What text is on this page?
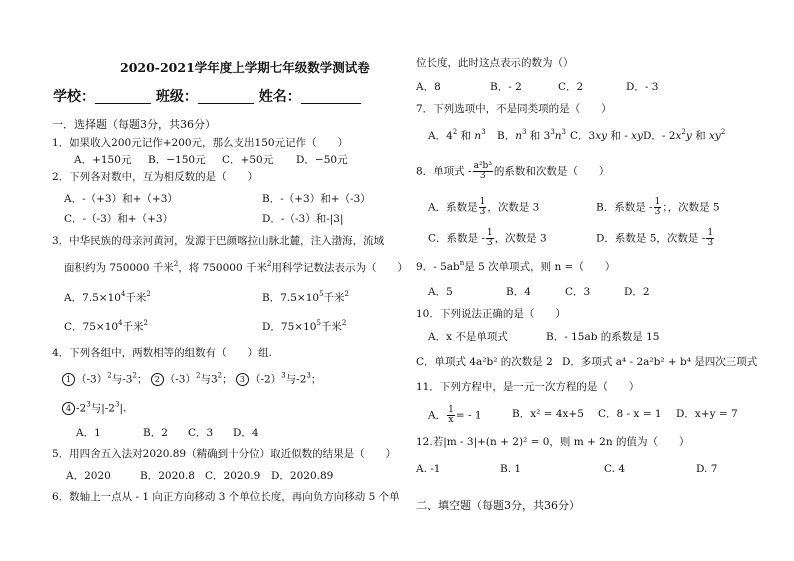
2020-2021学年度上学期七年级数学测试卷
学校：	班级：	姓名：
一．选择题（每题3分，共36分）
1．如果收入200元记作+200元，那么支出150元记作（　　）
A．+150元 B．−150元 C．+50元 D．−50元
2．下列各对数中，互为相反数的是（　　）
A．-（+3）和+（+3）	B．-（+3）和+（-3）
C．-（-3）和+（+3）	D．-（-3）和-|3|
3．中华民族的母亲河黄河，发源于巴颜喀拉山脉北麓，注入渤海，流域
面积约为 750000 千米$^2$，将 750000 千米$^2$用科学记数法表示为（　　）
A．$7.5\times 10^4$千米$^2$	B．$7.5\times 10^5$千米$^2$
C．$75\times 10^4$千米$^2$	D．$75\times 10^5$千米$^2$
4．下列各组中，两数相等的组数有（　　）组.
1 $(-3)^2$与$-3^2$； 2 $(-3)^2$与$3^2$； 3 $(-2)^3$与$-2^3$；
4 $-2^3$与$|-2^3|$.
A．1	B．2 C．3 D．4
5．用四舍五入法对2020.89（精确到十分位）取近似数的结果是（　　）
A．2020	B．2020.8 C．2020.9 D．2020.89
6．数轴上一点从 - 1 向正方向移动 3 个单位长度，再向负方向移动 5 个单
位长度，此时这点表示的数为（）
A．8	B．- 2	C．2	D．- 3
7．下列选项中，不是同类项的是（　　）
A．$4^2$ 和 $n^3$ B．$n^3$ 和 $3^3n^3$ C．3xy 和 - xy D．- $2x^2y$ 和 $xy^2$
8．单项式 - $\frac{\text{a²b³}}{3}$ 的系数和次数是（　　）
A．系数是 $\frac{1}{3}$ ，次数是 3	B．系数是 - $\frac{1}{3}$ ；，次数是 5
C．系数是 - $\frac{1}{3}$ ，次数是 3	D．系数是 5，次数是 - $\frac{1}{3}$
9．- $5ab^n$是 5 次单项式，则 n =（　　）
A．5	B．4	C．3	D．2
10．下列说法正确的是（　　）
A．x 不是单项式	B．- 15ab 的系数是 15
C．单项式 4a²b² 的次数是 2 D．多项式 a⁴ - 2a²b² + b⁴ 是四次三项式
11．下列方程中，是一元一次方程的是（　　）
A． $\frac{1}{x}$ = - 1	B．x² = 4x+5 C．8 - x = 1 D．x+y = 7
12.若|m - 3|+(n + 2)² = 0，则 m + 2n 的值为（　　）
A. -1	B. 1	C. 4	D. 7
二、填空题（每题3分，共36分）
